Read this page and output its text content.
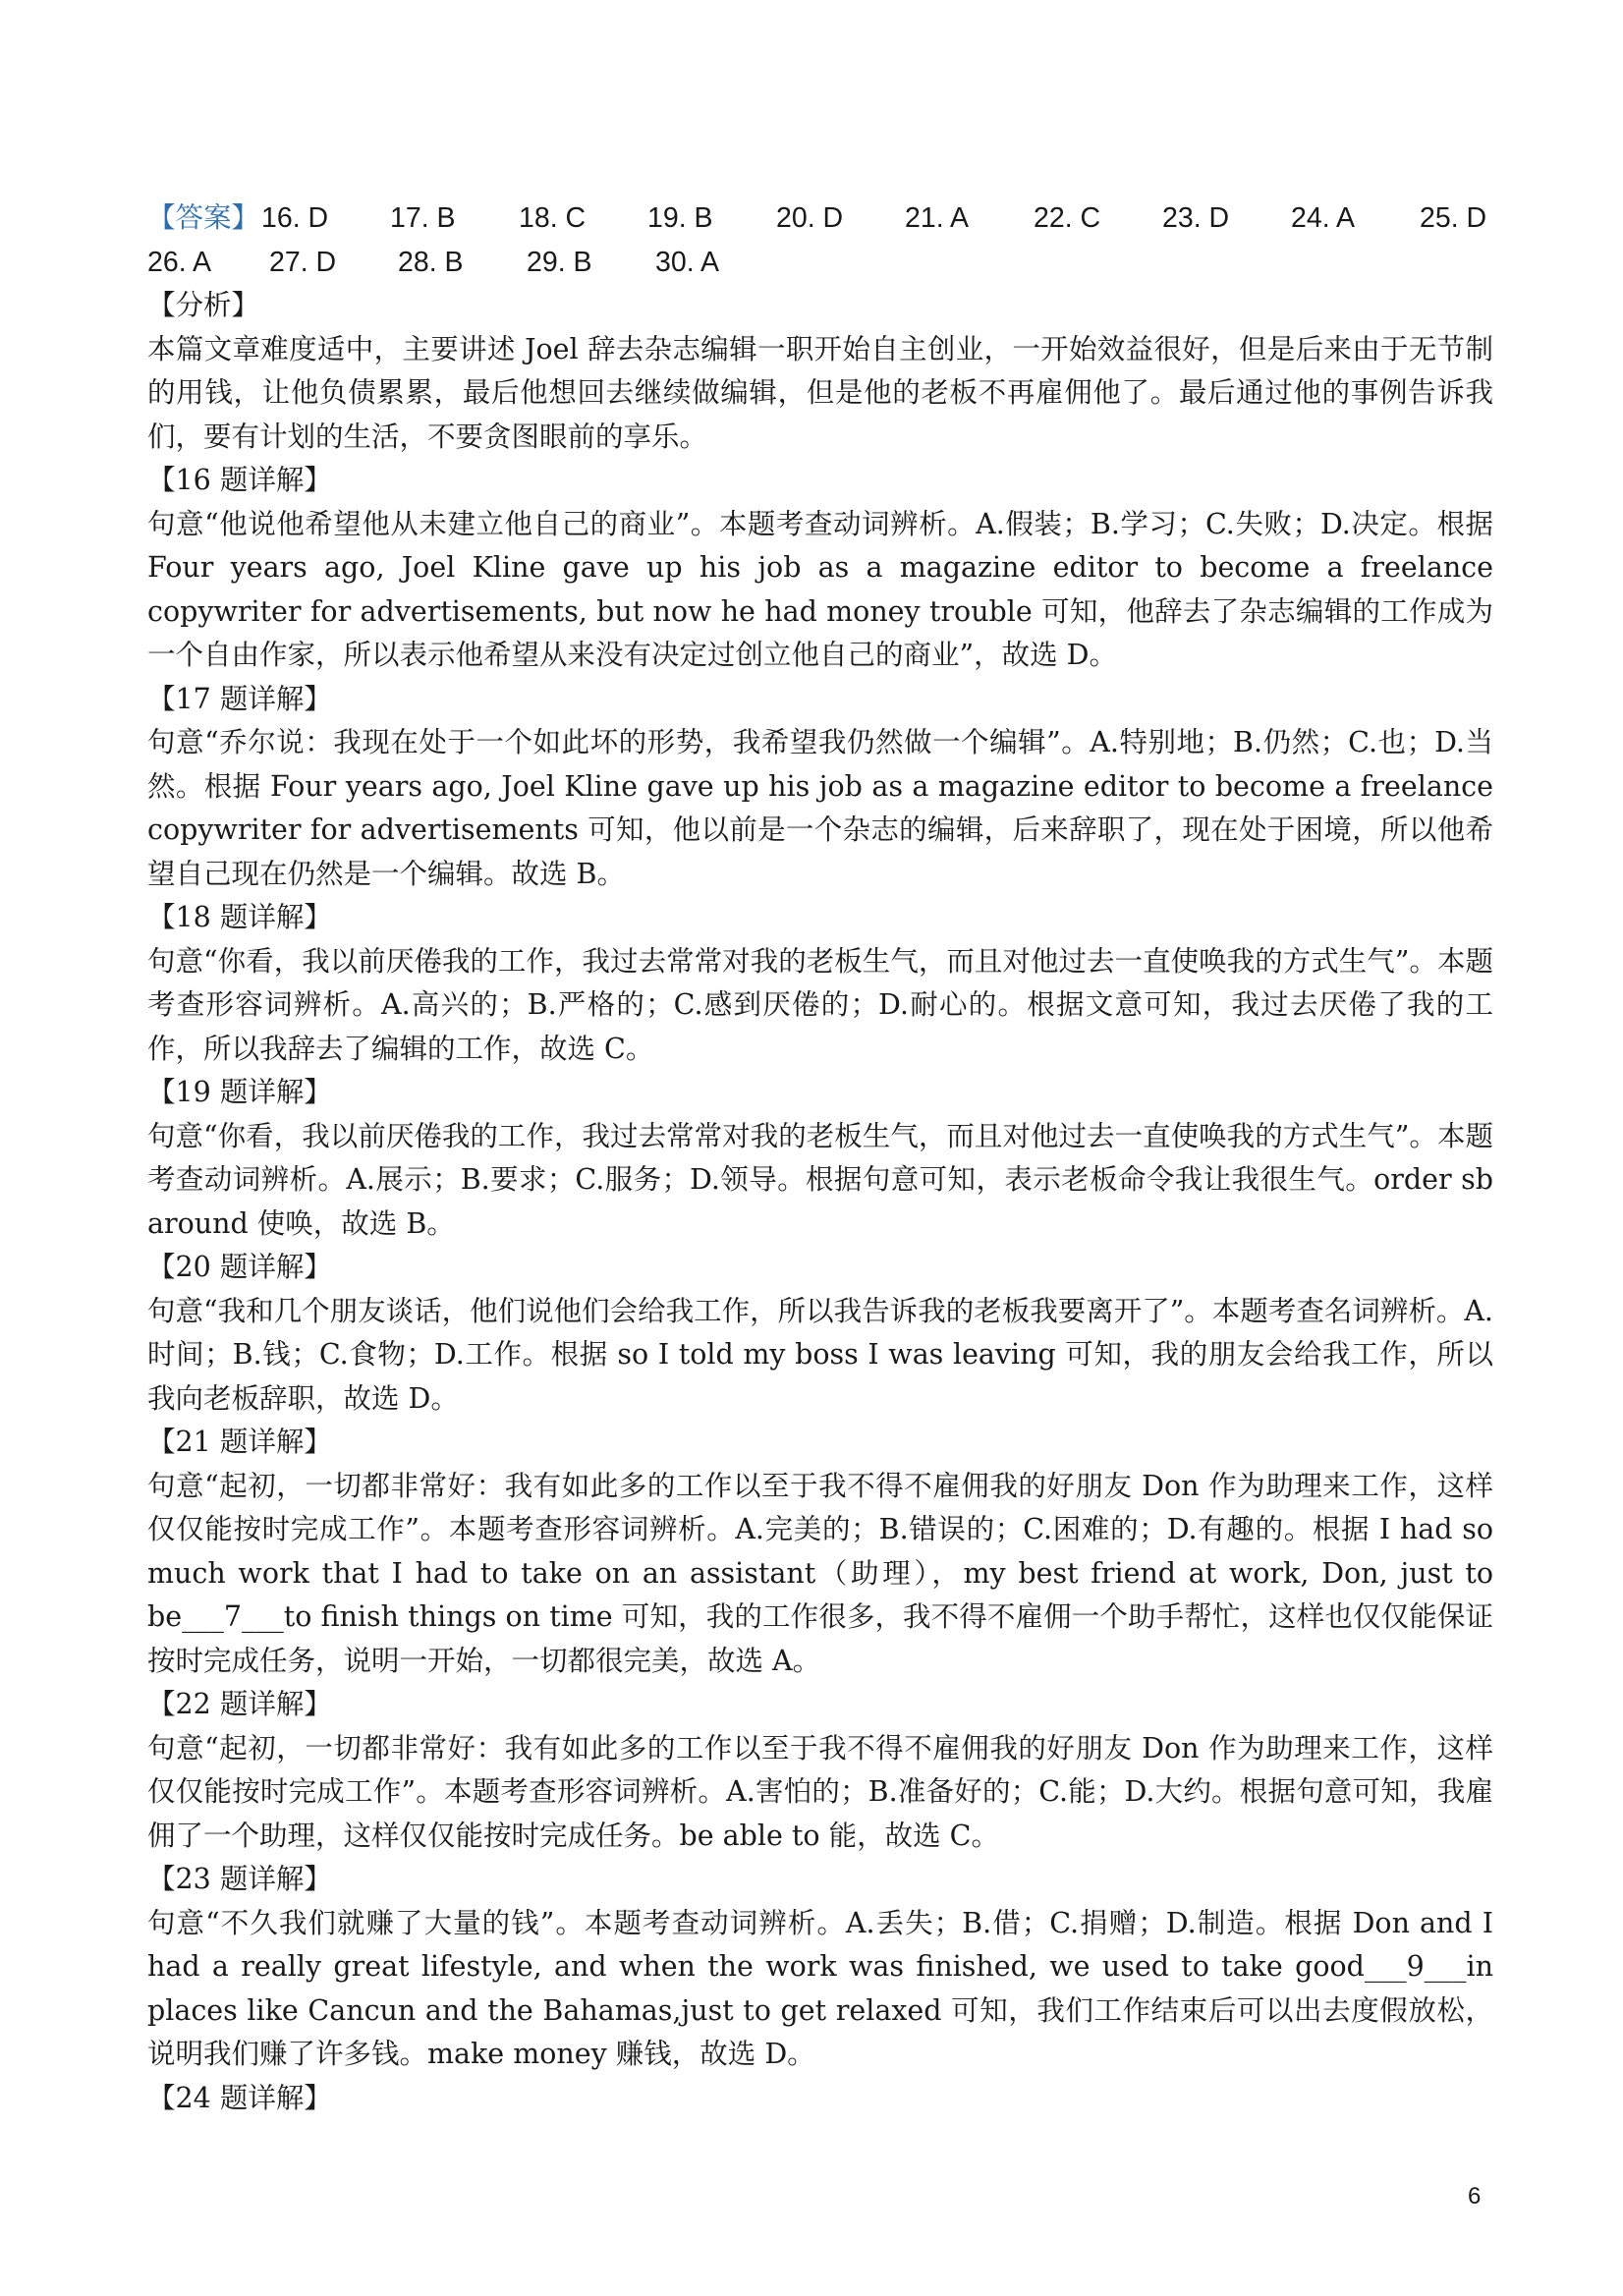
【答案】 16. D	17. B	18. C	19. B	20. D	21. A	22. C	23. D	24. A	25. D
26. A	27. D	28. B	29. B	30. A
【分析】
本篇文章难度适中，主要讲述 Joel 辞去杂志编辑一职开始自主创业，一开始效益很好，但是后来由于无节制的用钱，让他负债累累，最后他想回去继续做编辑，但是他的老板不再雇佣他了。最后通过他的事例告诉我们，要有计划的生活，不要贪图眼前的享乐。
【16 题详解】
句意“他说他希望他从未建立他自己的商业”。本题考查动词辨析。A.假装；B.学习；C.失败；D.决定。根据 Four years ago, Joel Kline gave up his job as a magazine editor to become a freelance copywriter for advertisements, but now he had money trouble 可知，他辞去了杂志编辑的工作成为一个自由作家，所以表示他希望从来没有决定过创立他自己的商业”，故选 D。
【17 题详解】
句意“乔尔说：我现在处于一个如此坏的形势，我希望我仍然做一个编辑”。A.特别地；B.仍然；C.也；D.当然。根据 Four years ago, Joel Kline gave up his job as a magazine editor to become a freelance copywriter for advertisements 可知，他以前是一个杂志的编辑，后来辞职了，现在处于困境，所以他希望自己现在仍然是一个编辑。故选 B。
【18 题详解】
句意“你看，我以前厌倦我的工作，我过去常常对我的老板生气，而且对他过去一直使唤我的方式生气”。本题考查形容词辨析。A.高兴的；B.严格的；C.感到厌倦的；D.耐心的。根据文意可知，我过去厌倦了我的工作，所以我辞去了编辑的工作，故选 C。
【19 题详解】
句意“你看，我以前厌倦我的工作，我过去常常对我的老板生气，而且对他过去一直使唤我的方式生气”。本题考查动词辨析。A.展示；B.要求；C.服务；D.领导。根据句意可知，表示老板命令我让我很生气。order sb around 使唤，故选 B。
【20 题详解】
句意“我和几个朋友谈话，他们说他们会给我工作，所以我告诉我的老板我要离开了”。本题考查名词辨析。A.时间；B.钱；C.食物；D.工作。根据 so I told my boss I was leaving 可知，我的朋友会给我工作，所以我向老板辞职，故选 D。
【21 题详解】
句意“起初，一切都非常好：我有如此多的工作以至于我不得不雇佣我的好朋友 Don 作为助理来工作，这样仅仅能按时完成工作”。本题考查形容词辨析。A.完美的；B.错误的；C.困难的；D.有趣的。根据 I had so much work that I had to take on an assistant（助理），my best friend at work, Don, just to be___7___to finish things on time 可知，我的工作很多，我不得不雇佣一个助手帮忙，这样也仅仅能保证按时完成任务，说明一开始，一切都很完美，故选 A。
【22 题详解】
句意“起初，一切都非常好：我有如此多的工作以至于我不得不雇佣我的好朋友 Don 作为助理来工作，这样仅仅能按时完成工作”。本题考查形容词辨析。A.害怕的；B.准备好的；C.能；D.大约。根据句意可知，我雇佣了一个助理，这样仅仅能按时完成任务。be able to 能，故选 C。
【23 题详解】
句意“不久我们就赚了大量的钱”。本题考查动词辨析。A.丢失；B.借；C.捐赠；D.制造。根据 Don and I had a really great lifestyle, and when the work was finished, we used to take good___9___in places like Cancun and the Bahamas,just to get relaxed 可知，我们工作结束后可以出去度假放松，说明我们赚了许多钱。make money 赚钱，故选 D。
【24 题详解】
6
